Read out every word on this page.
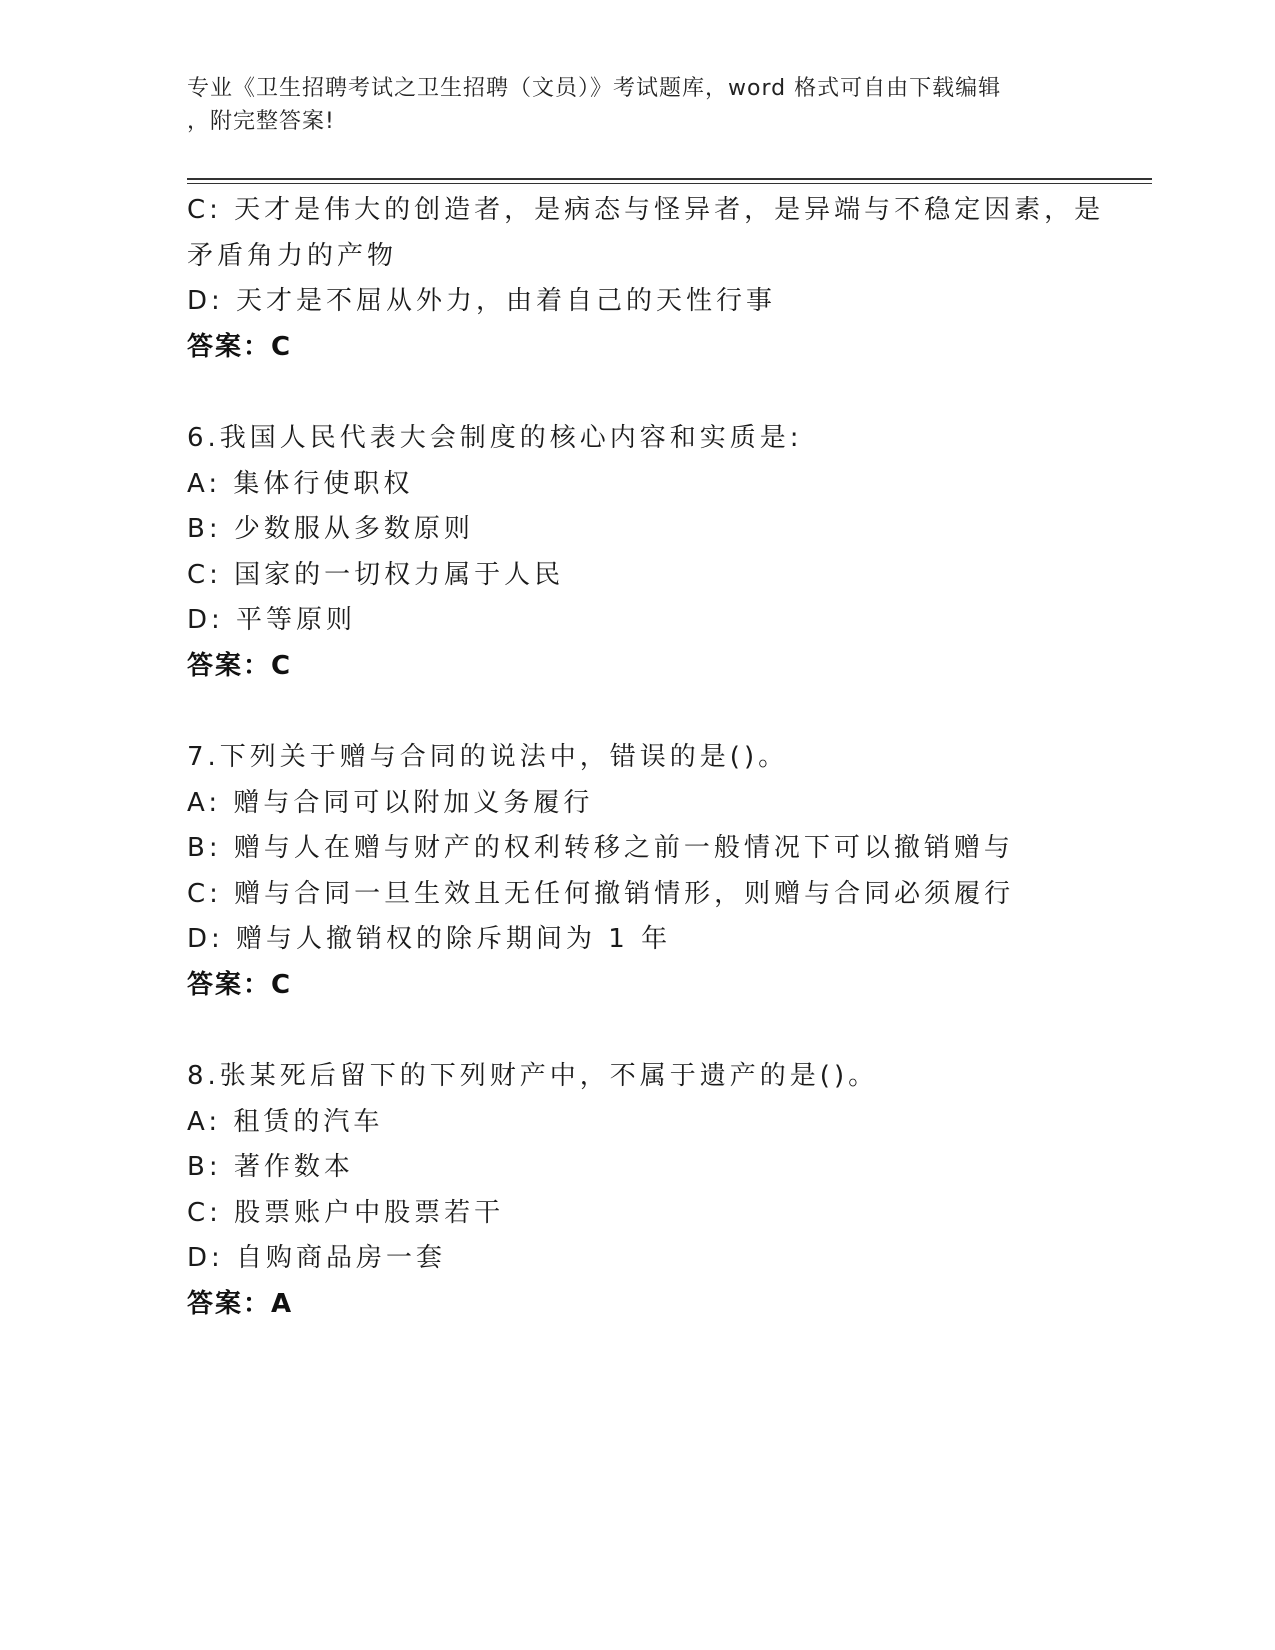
专业《卫生招聘考试之卫生招聘（文员）》考试题库，word 格式可自由下载编辑
，附完整答案!
C: 天才是伟大的创造者，是病态与怪异者，是异端与不稳定因素，是
矛盾角力的产物
D: 天才是不屈从外力，由着自己的天性行事
答案：C
6.我国人民代表大会制度的核心内容和实质是:
A: 集体行使职权
B: 少数服从多数原则
C: 国家的一切权力属于人民
D: 平等原则
答案：C
7.下列关于赠与合同的说法中，错误的是()。
A: 赠与合同可以附加义务履行
B: 赠与人在赠与财产的权利转移之前一般情况下可以撤销赠与
C: 赠与合同一旦生效且无任何撤销情形，则赠与合同必须履行
D: 赠与人撤销权的除斥期间为 1 年
答案：C
8.张某死后留下的下列财产中，不属于遗产的是()。
A: 租赁的汽车
B: 著作数本
C: 股票账户中股票若干
D: 自购商品房一套
答案：A
